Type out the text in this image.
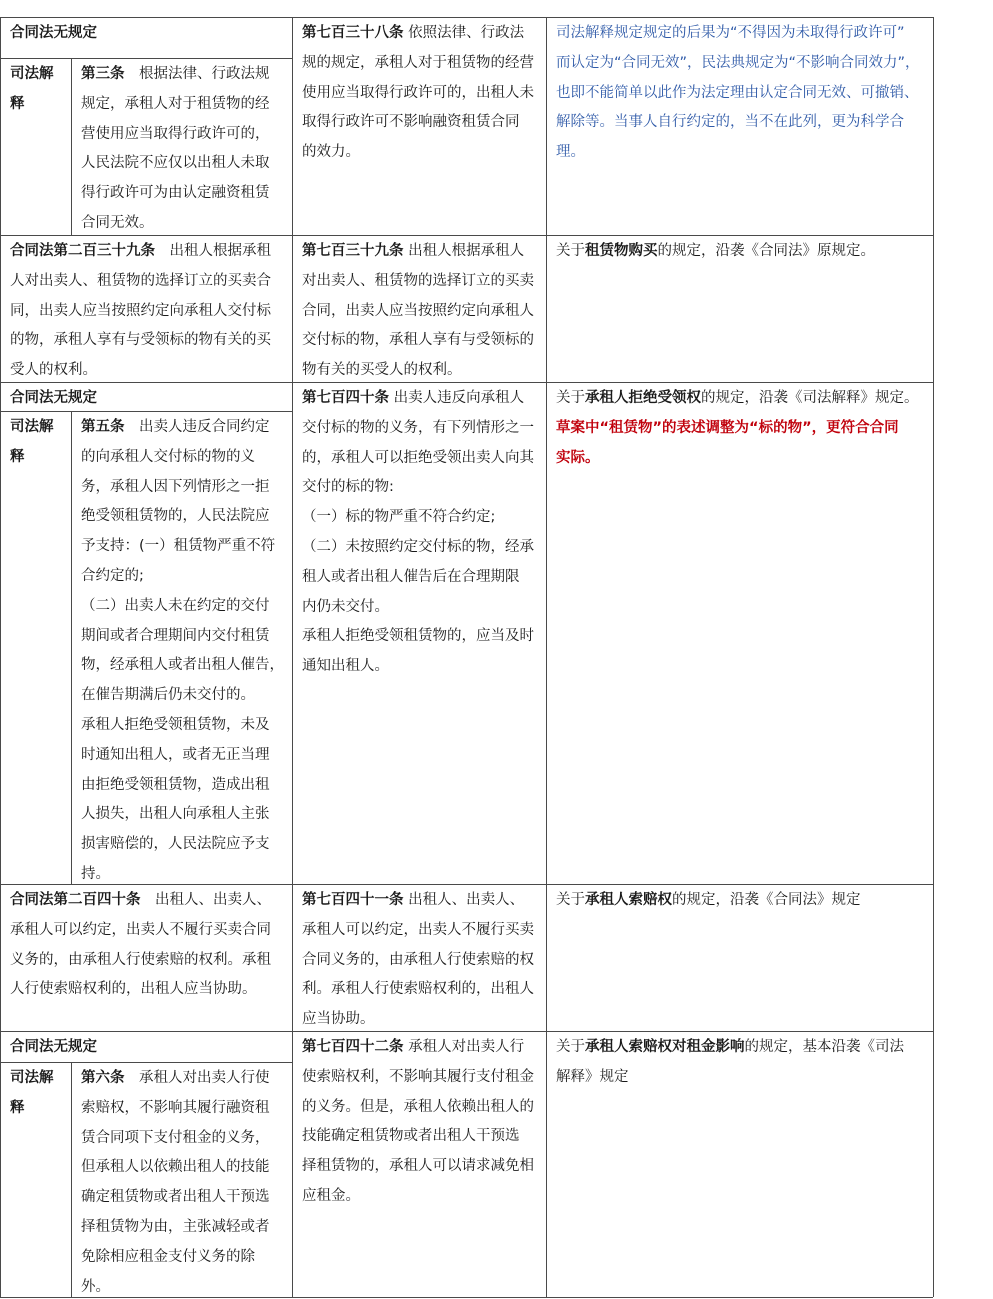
合同法无规定
司法解
释
第三条　根据法律、行政法规
规定，承租人对于租赁物的经
营使用应当取得行政许可的，
人民法院不应仅以出租人未取
得行政许可为由认定融资租赁
合同无效。
第七百三十八条 依照法律、行政法
规的规定，承租人对于租赁物的经营
使用应当取得行政许可的，出租人未
取得行政许可不影响融资租赁合同
的效力。
司法解释规定规定的后果为“不得因为未取得行政许可”
而认定为“合同无效”，民法典规定为“不影响合同效力”，
也即不能简单以此作为法定理由认定合同无效、可撤销、
解除等。当事人自行约定的，当不在此列，更为科学合
理。
合同法第二百三十九条　出租人根据承租
人对出卖人、租赁物的选择订立的买卖合
同，出卖人应当按照约定向承租人交付标
的物，承租人享有与受领标的物有关的买
受人的权利。
第七百三十九条 出租人根据承租人
对出卖人、租赁物的选择订立的买卖
合同，出卖人应当按照约定向承租人
交付标的物，承租人享有与受领标的
物有关的买受人的权利。
关于租赁物购买的规定，沿袭《合同法》原规定。
合同法无规定
司法解
释
第五条　出卖人违反合同约定
的向承租人交付标的物的义
务，承租人因下列情形之一拒
绝受领租赁物的，人民法院应
予支持：(一）租赁物严重不符
合约定的;
（二）出卖人未在约定的交付
期间或者合理期间内交付租赁
物，经承租人或者出租人催告，
在催告期满后仍未交付的。
承租人拒绝受领租赁物，未及
时通知出租人，或者无正当理
由拒绝受领租赁物，造成出租
人损失，出租人向承租人主张
损害赔偿的，人民法院应予支
持。
第七百四十条 出卖人违反向承租人
交付标的物的义务，有下列情形之一
的，承租人可以拒绝受领出卖人向其
交付的标的物:
（一）标的物严重不符合约定;
（二）未按照约定交付标的物，经承
租人或者出租人催告后在合理期限
内仍未交付。
承租人拒绝受领租赁物的，应当及时
通知出租人。
关于承租人拒绝受领权的规定，沿袭《司法解释》规定。
草案中“租赁物”的表述调整为“标的物”，更符合合同
实际。
合同法第二百四十条　出租人、出卖人、
承租人可以约定，出卖人不履行买卖合同
义务的，由承租人行使索赔的权利。承租
人行使索赔权利的，出租人应当协助。
第七百四十一条 出租人、出卖人、
承租人可以约定，出卖人不履行买卖
合同义务的，由承租人行使索赔的权
利。承租人行使索赔权利的，出租人
应当协助。
关于承租人索赔权的规定，沿袭《合同法》规定
合同法无规定
司法解
释
第六条　承租人对出卖人行使
索赔权，不影响其履行融资租
赁合同项下支付租金的义务，
但承租人以依赖出租人的技能
确定租赁物或者出租人干预选
择租赁物为由，主张减轻或者
免除相应租金支付义务的除
外。
第七百四十二条 承租人对出卖人行
使索赔权利，不影响其履行支付租金
的义务。但是，承租人依赖出租人的
技能确定租赁物或者出租人干预选
择租赁物的，承租人可以请求减免相
应租金。
关于承租人索赔权对租金影响的规定，基本沿袭《司法
解释》规定
